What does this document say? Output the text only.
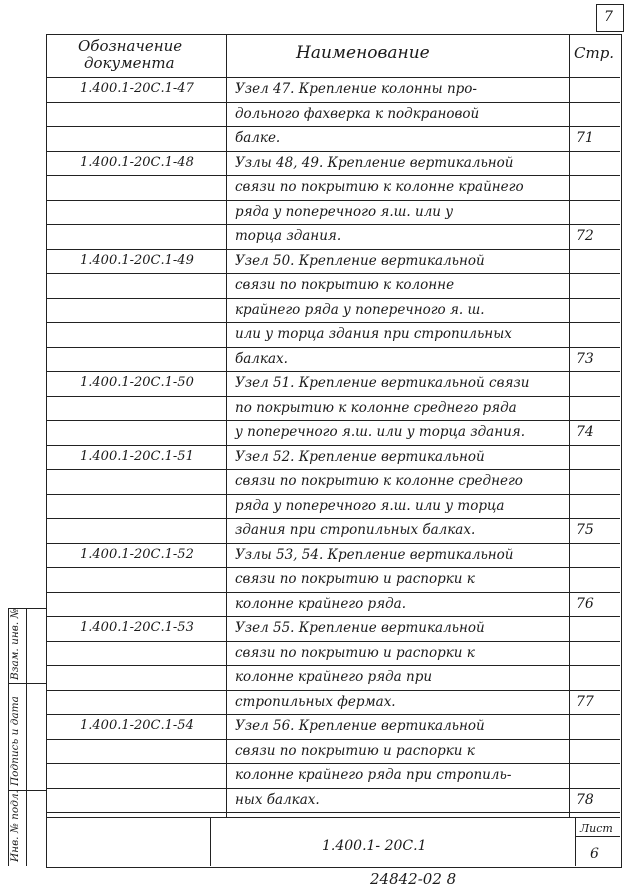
7
Обозначение
документа	Наименование	Стр.
Узел 47. Крепление колонны про-
дольного фахверка к подкрановой
балке.
1.400.1-20С.1-47
71
Узлы 48, 49. Крепление вертикальной
связи по покрытию к колонне крайнего
ряда у поперечного я.ш. или у
торца здания.
1.400.1-20С.1-48
72
Узел 50. Крепление вертикальной
связи по покрытию к колонне
крайнего ряда у поперечного я. ш.
или у торца здания при стропильных
балках.
1.400.1-20С.1-49
73
Узел 51. Крепление вертикальной связи
по покрытию к колонне среднего ряда
у поперечного я.ш. или у торца здания.
1.400.1-20С.1-50
74
Узел 52. Крепление вертикальной
связи по покрытию к колонне среднего
ряда у поперечного я.ш. или у торца
здания при стропильных балках.
1.400.1-20С.1-51
75
Узлы 53, 54. Крепление вертикальной
связи по покрытию и распорки к
колонне крайнего ряда.
1.400.1-20С.1-52
76
Узел 55. Крепление вертикальной
связи по покрытию и распорки к
колонне крайнего ряда при
стропильных фермах.
1.400.1-20С.1-53
77
Узел 56. Крепление вертикальной
связи по покрытию и распорки к
колонне крайнего ряда при стропиль-
ных балках.
1.400.1-20С.1-54
78
1.400.1- 20С.1
Лист
6
Взам. инв. №
Подпись и дата
Инв. № подл.
24842-02 8
